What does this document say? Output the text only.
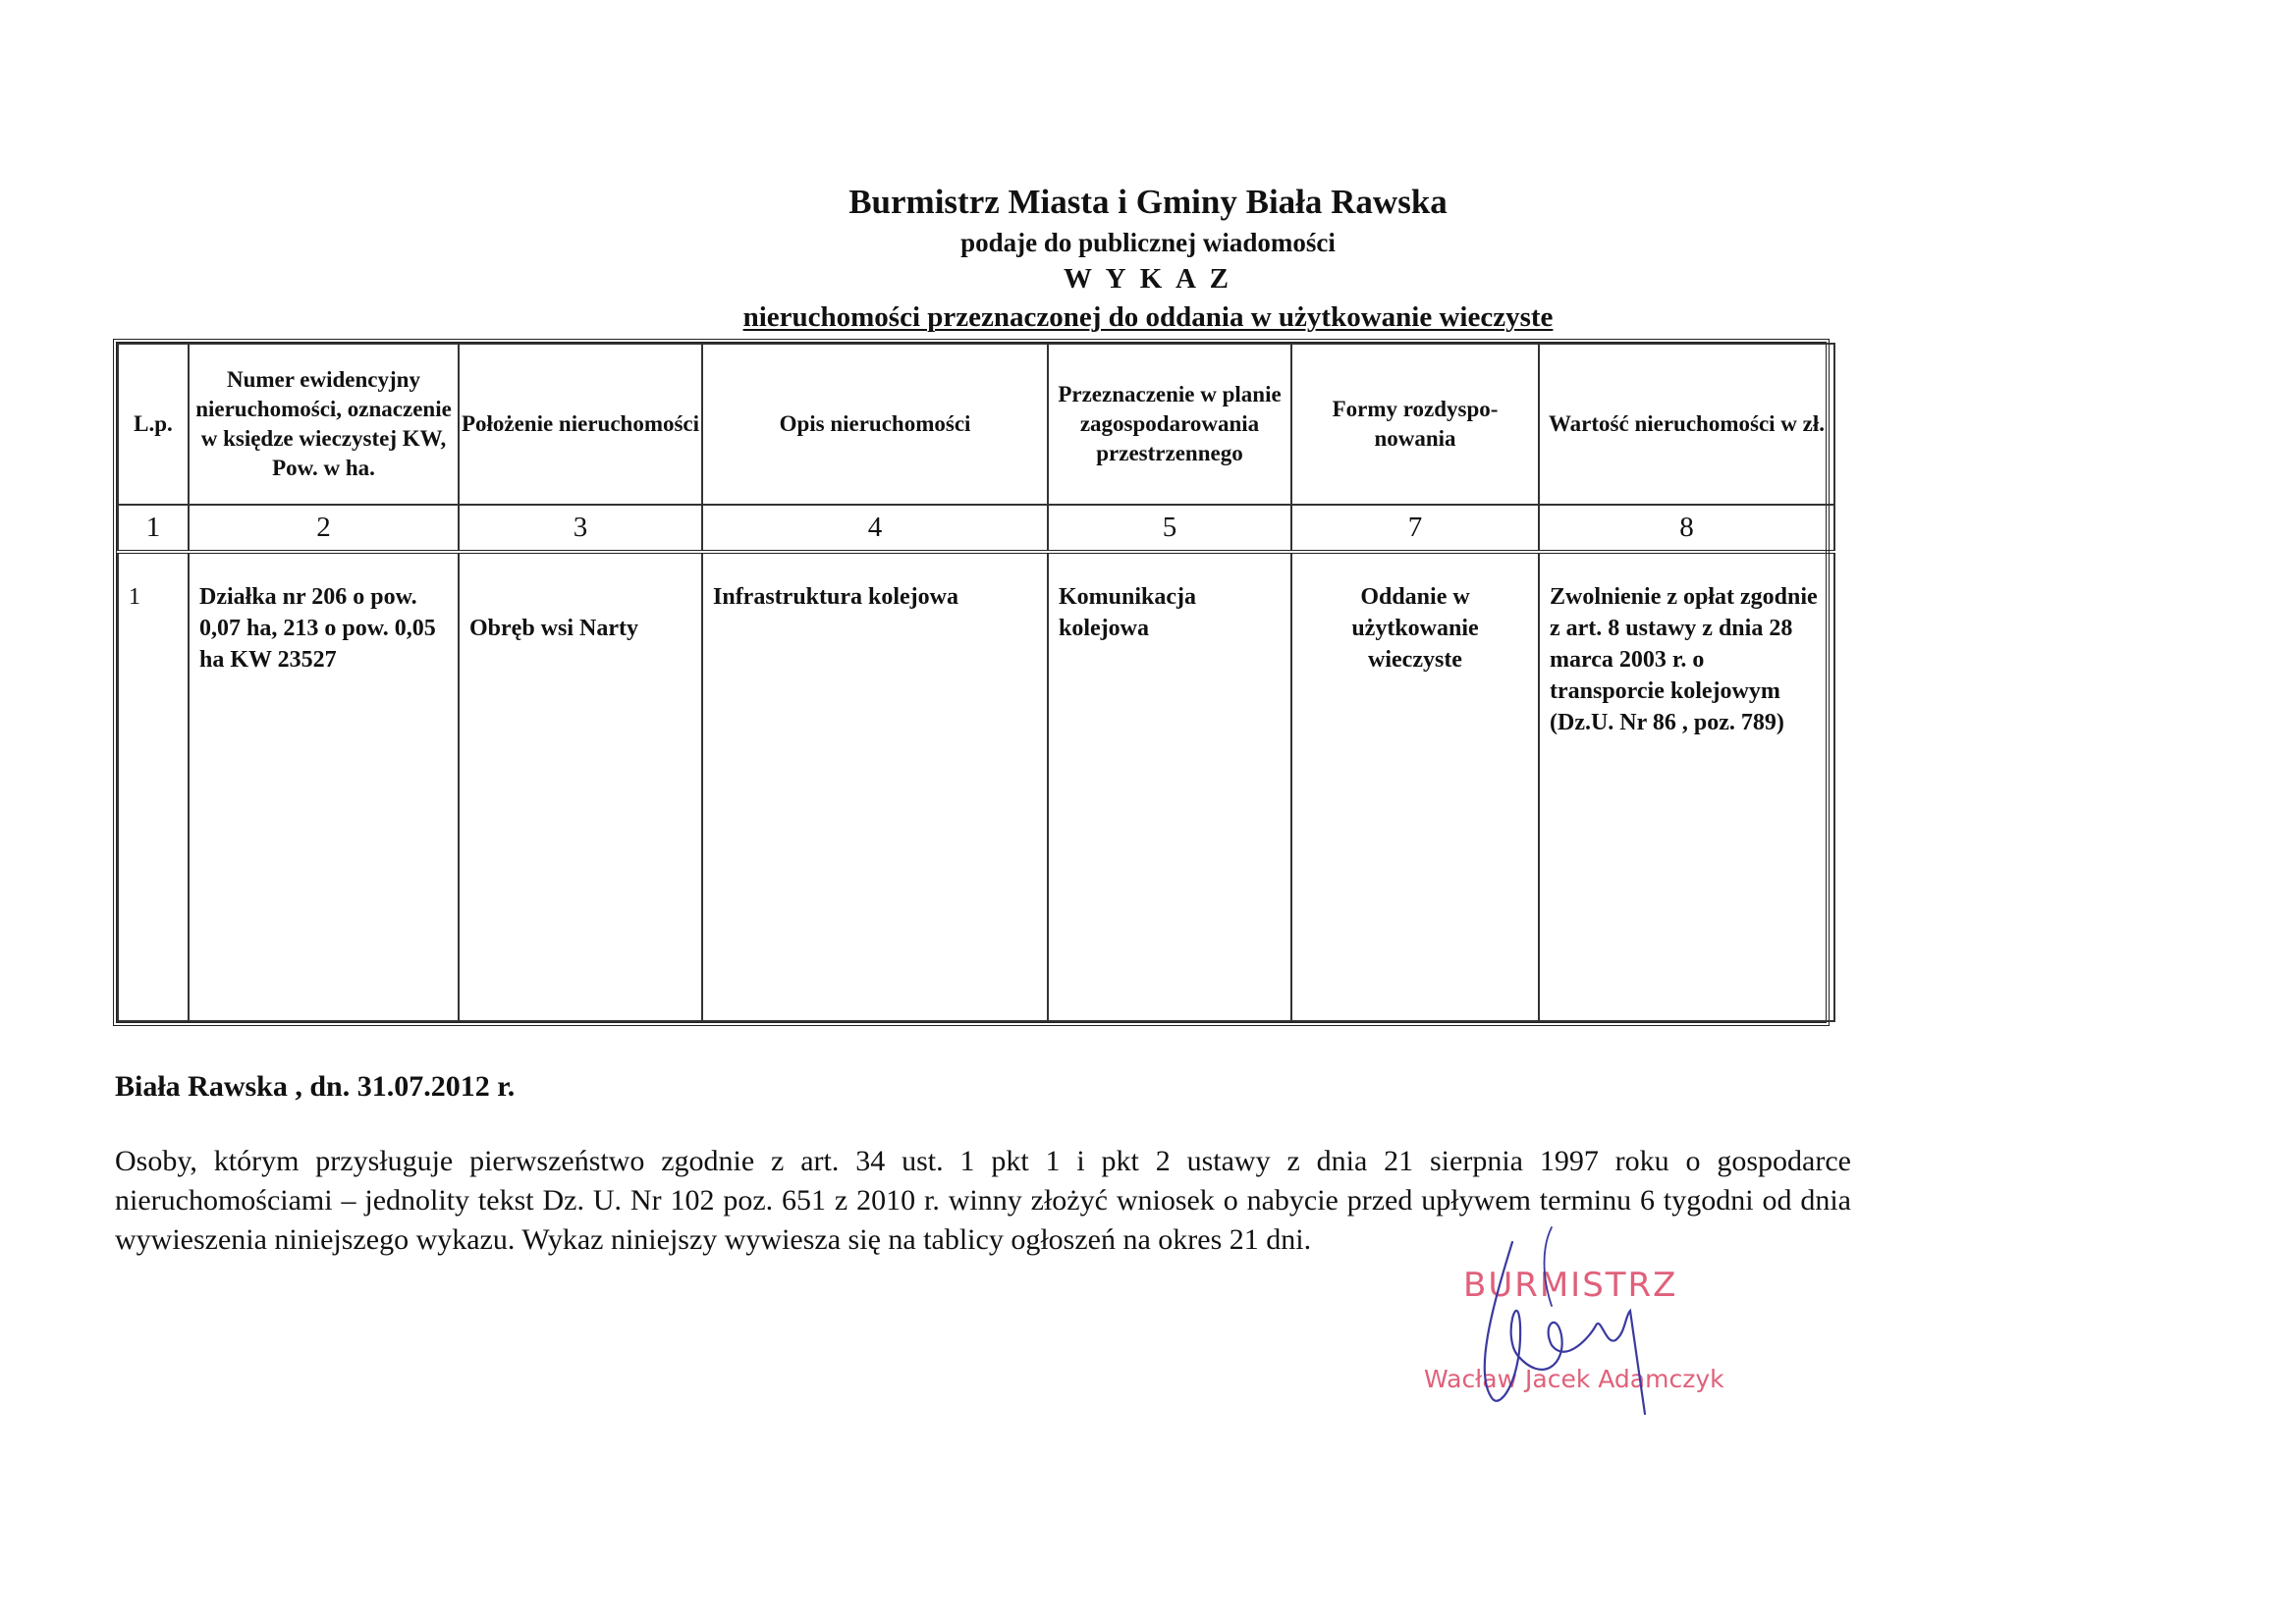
Burmistrz Miasta i Gminy Biała Rawska
podaje do publicznej wiadomości
W Y K A Z
nieruchomości przeznaczonej do oddania w użytkowanie wieczyste
L.p.	Numer ewidencyjny nieruchomości, oznaczenie w księdze wieczystej KW, Pow. w ha.	Położenie nieruchomości	Opis nieruchomości	Przeznaczenie w planie zagospodarowania przestrzennego	Formy rozdyspo-nowania	Wartość nieruchomości w zł.
1	2	3	4	5	7	8
1	Działka nr 206 o pow. 0,07 ha, 213 o pow. 0,05 ha KW 23527	Obręb wsi Narty	Infrastruktura kolejowa	Komunikacja kolejowa	Oddanie w użytkowanie wieczyste	Zwolnienie z opłat zgodnie z art. 8 ustawy z dnia 28 marca 2003 r. o transporcie kolejowym (Dz.U. Nr 86 , poz. 789)
Biała Rawska , dn. 31.07.2012 r.
Osoby, którym przysługuje pierwszeństwo zgodnie z art. 34 ust. 1 pkt 1 i pkt 2 ustawy z dnia 21 sierpnia 1997 roku o gospodarce nieruchomościami – jednolity tekst Dz. U. Nr 102 poz. 651 z 2010 r. winny złożyć wniosek o nabycie przed upływem terminu 6 tygodni od dnia wywieszenia niniejszego wykazu. Wykaz niniejszy wywiesza się na tablicy ogłoszeń na okres 21 dni.
BURMISTRZ
Wacław Jacek Adamczyk
